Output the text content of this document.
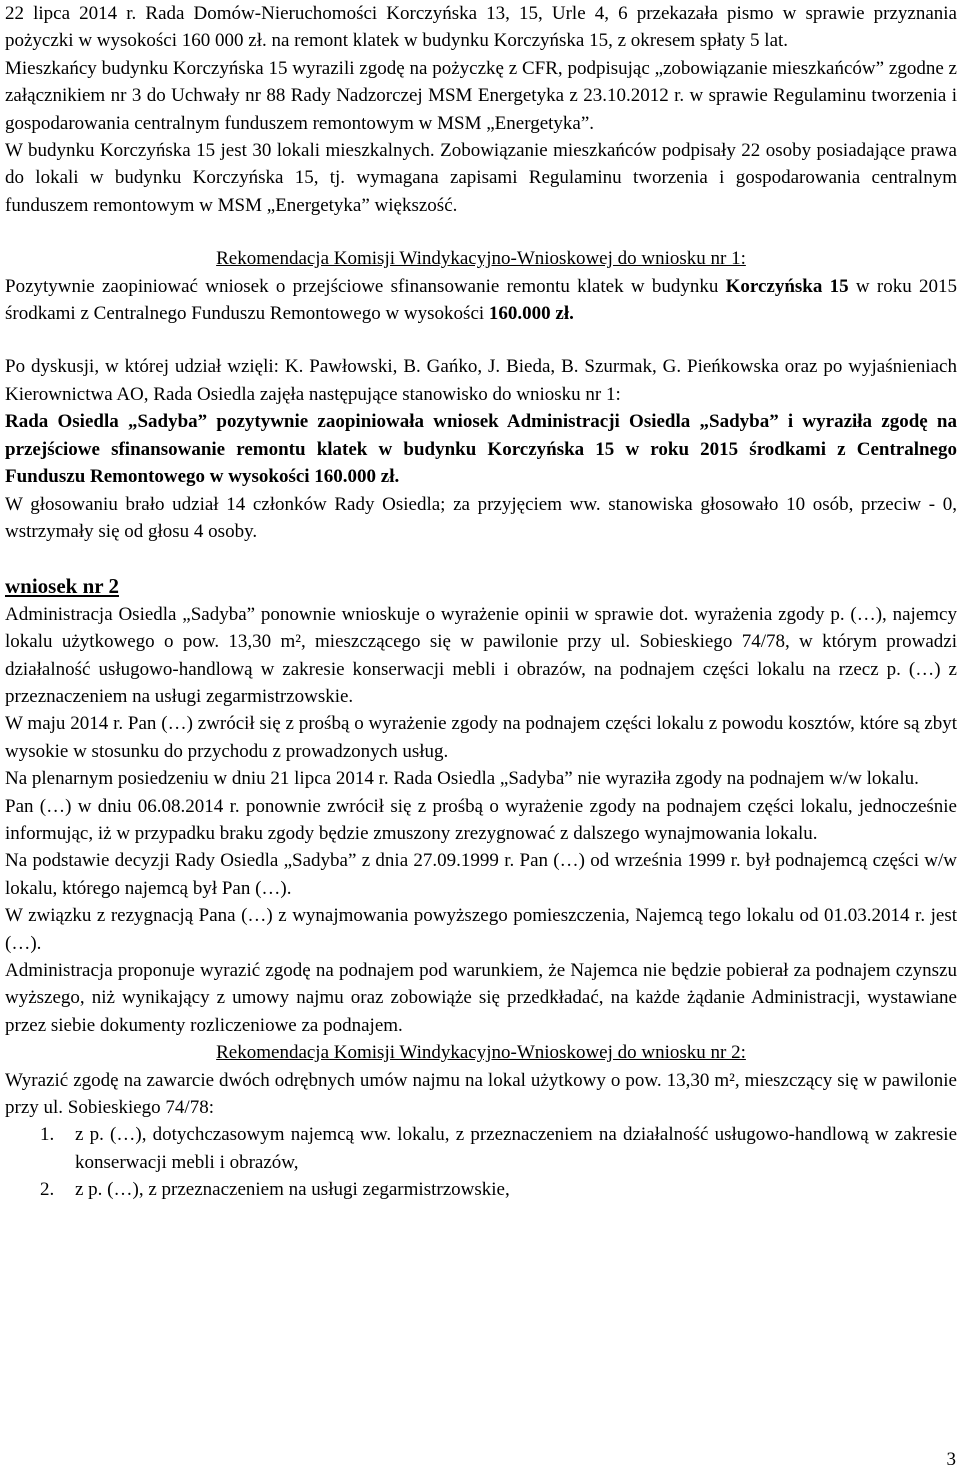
22 lipca 2014 r. Rada Domów-Nieruchomości Korczyńska 13, 15, Urle 4, 6 przekazała pismo w sprawie przyznania pożyczki w wysokości 160 000 zł. na remont klatek w budynku Korczyńska 15, z okresem spłaty 5 lat.

Mieszkańcy budynku Korczyńska 15 wyrazili zgodę na pożyczkę z CFR, podpisując „zobowiązanie mieszkańców” zgodne z załącznikiem nr 3 do Uchwały nr 88 Rady Nadzorczej MSM Energetyka z 23.10.2012 r. w sprawie Regulaminu tworzenia i gospodarowania centralnym funduszem remontowym w MSM „Energetyka”.

W budynku Korczyńska 15 jest 30 lokali mieszkalnych. Zobowiązanie mieszkańców podpisały 22 osoby posiadające prawa do lokali w budynku Korczyńska 15, tj. wymagana zapisami Regulaminu tworzenia i gospodarowania centralnym funduszem remontowym w MSM „Energetyka” większość.

Rekomendacja Komisji Windykacyjno-Wnioskowej do wniosku nr 1:

Pozytywnie zaopiniować wniosek o przejściowe sfinansowanie remontu klatek w budynku Korczyńska 15 w roku 2015 środkami z Centralnego Funduszu Remontowego w wysokości 160.000 zł.

Po dyskusji, w której udział wzięli: K. Pawłowski, B. Gańko, J. Bieda, B. Szurmak, G. Pieńkowska oraz po wyjaśnieniach Kierownictwa AO, Rada Osiedla zajęła następujące stanowisko do wniosku nr 1:

Rada Osiedla „Sadyba” pozytywnie zaopiniowała wniosek Administracji Osiedla „Sadyba” i wyraziła zgodę na przejściowe sfinansowanie remontu klatek w budynku Korczyńska 15 w roku 2015 środkami z Centralnego Funduszu Remontowego w wysokości 160.000 zł.

W głosowaniu brało udział 14 członków Rady Osiedla; za przyjęciem ww. stanowiska głosowało 10 osób, przeciw - 0, wstrzymały się od głosu 4 osoby.

wniosek nr 2

Administracja Osiedla „Sadyba” ponownie wnioskuje o wyrażenie opinii w sprawie dot. wyrażenia zgody p. (…), najemcy lokalu użytkowego o pow. 13,30 m², mieszczącego się w pawilonie przy ul. Sobieskiego 74/78, w którym prowadzi działalność usługowo-handlową w zakresie konserwacji mebli i obrazów, na podnajem części lokalu na rzecz p. (…) z przeznaczeniem na usługi zegarmistrzowskie.

W maju 2014 r. Pan (…) zwrócił się z prośbą o wyrażenie zgody na podnajem części lokalu z powodu kosztów, które są zbyt wysokie w stosunku do przychodu z prowadzonych usług.

Na plenarnym posiedzeniu w dniu 21 lipca 2014 r. Rada Osiedla „Sadyba” nie wyraziła zgody na podnajem w/w lokalu.

Pan (…) w dniu 06.08.2014 r. ponownie zwrócił się z prośbą o wyrażenie zgody na podnajem części lokalu, jednocześnie informując, iż w przypadku braku zgody będzie zmuszony zrezygnować z dalszego wynajmowania lokalu.

Na podstawie decyzji Rady Osiedla „Sadyba” z dnia 27.09.1999 r. Pan (…) od września 1999 r. był podnajemcą części w/w lokalu, którego najemcą był Pan (…).

W związku z rezygnacją Pana (…) z wynajmowania powyższego pomieszczenia, Najemcą tego lokalu od 01.03.2014 r. jest (…).

Administracja proponuje wyrazić zgodę na podnajem pod warunkiem, że Najemca nie będzie pobierał za podnajem czynszu wyższego, niż wynikający z umowy najmu oraz zobowiąże się przedkładać, na każde żądanie Administracji, wystawiane przez siebie dokumenty rozliczeniowe za podnajem.

Rekomendacja Komisji Windykacyjno-Wnioskowej do wniosku nr 2:

Wyrazić zgodę na zawarcie dwóch odrębnych umów najmu na lokal użytkowy o pow. 13,30 m², mieszczący się w pawilonie przy ul. Sobieskiego 74/78:

1.	z p. (…), dotychczasowym najemcą ww. lokalu, z przeznaczeniem na działalność usługowo-handlową w zakresie konserwacji mebli i obrazów,
2.	z p. (…), z przeznaczeniem na usługi zegarmistrzowskie,
3
